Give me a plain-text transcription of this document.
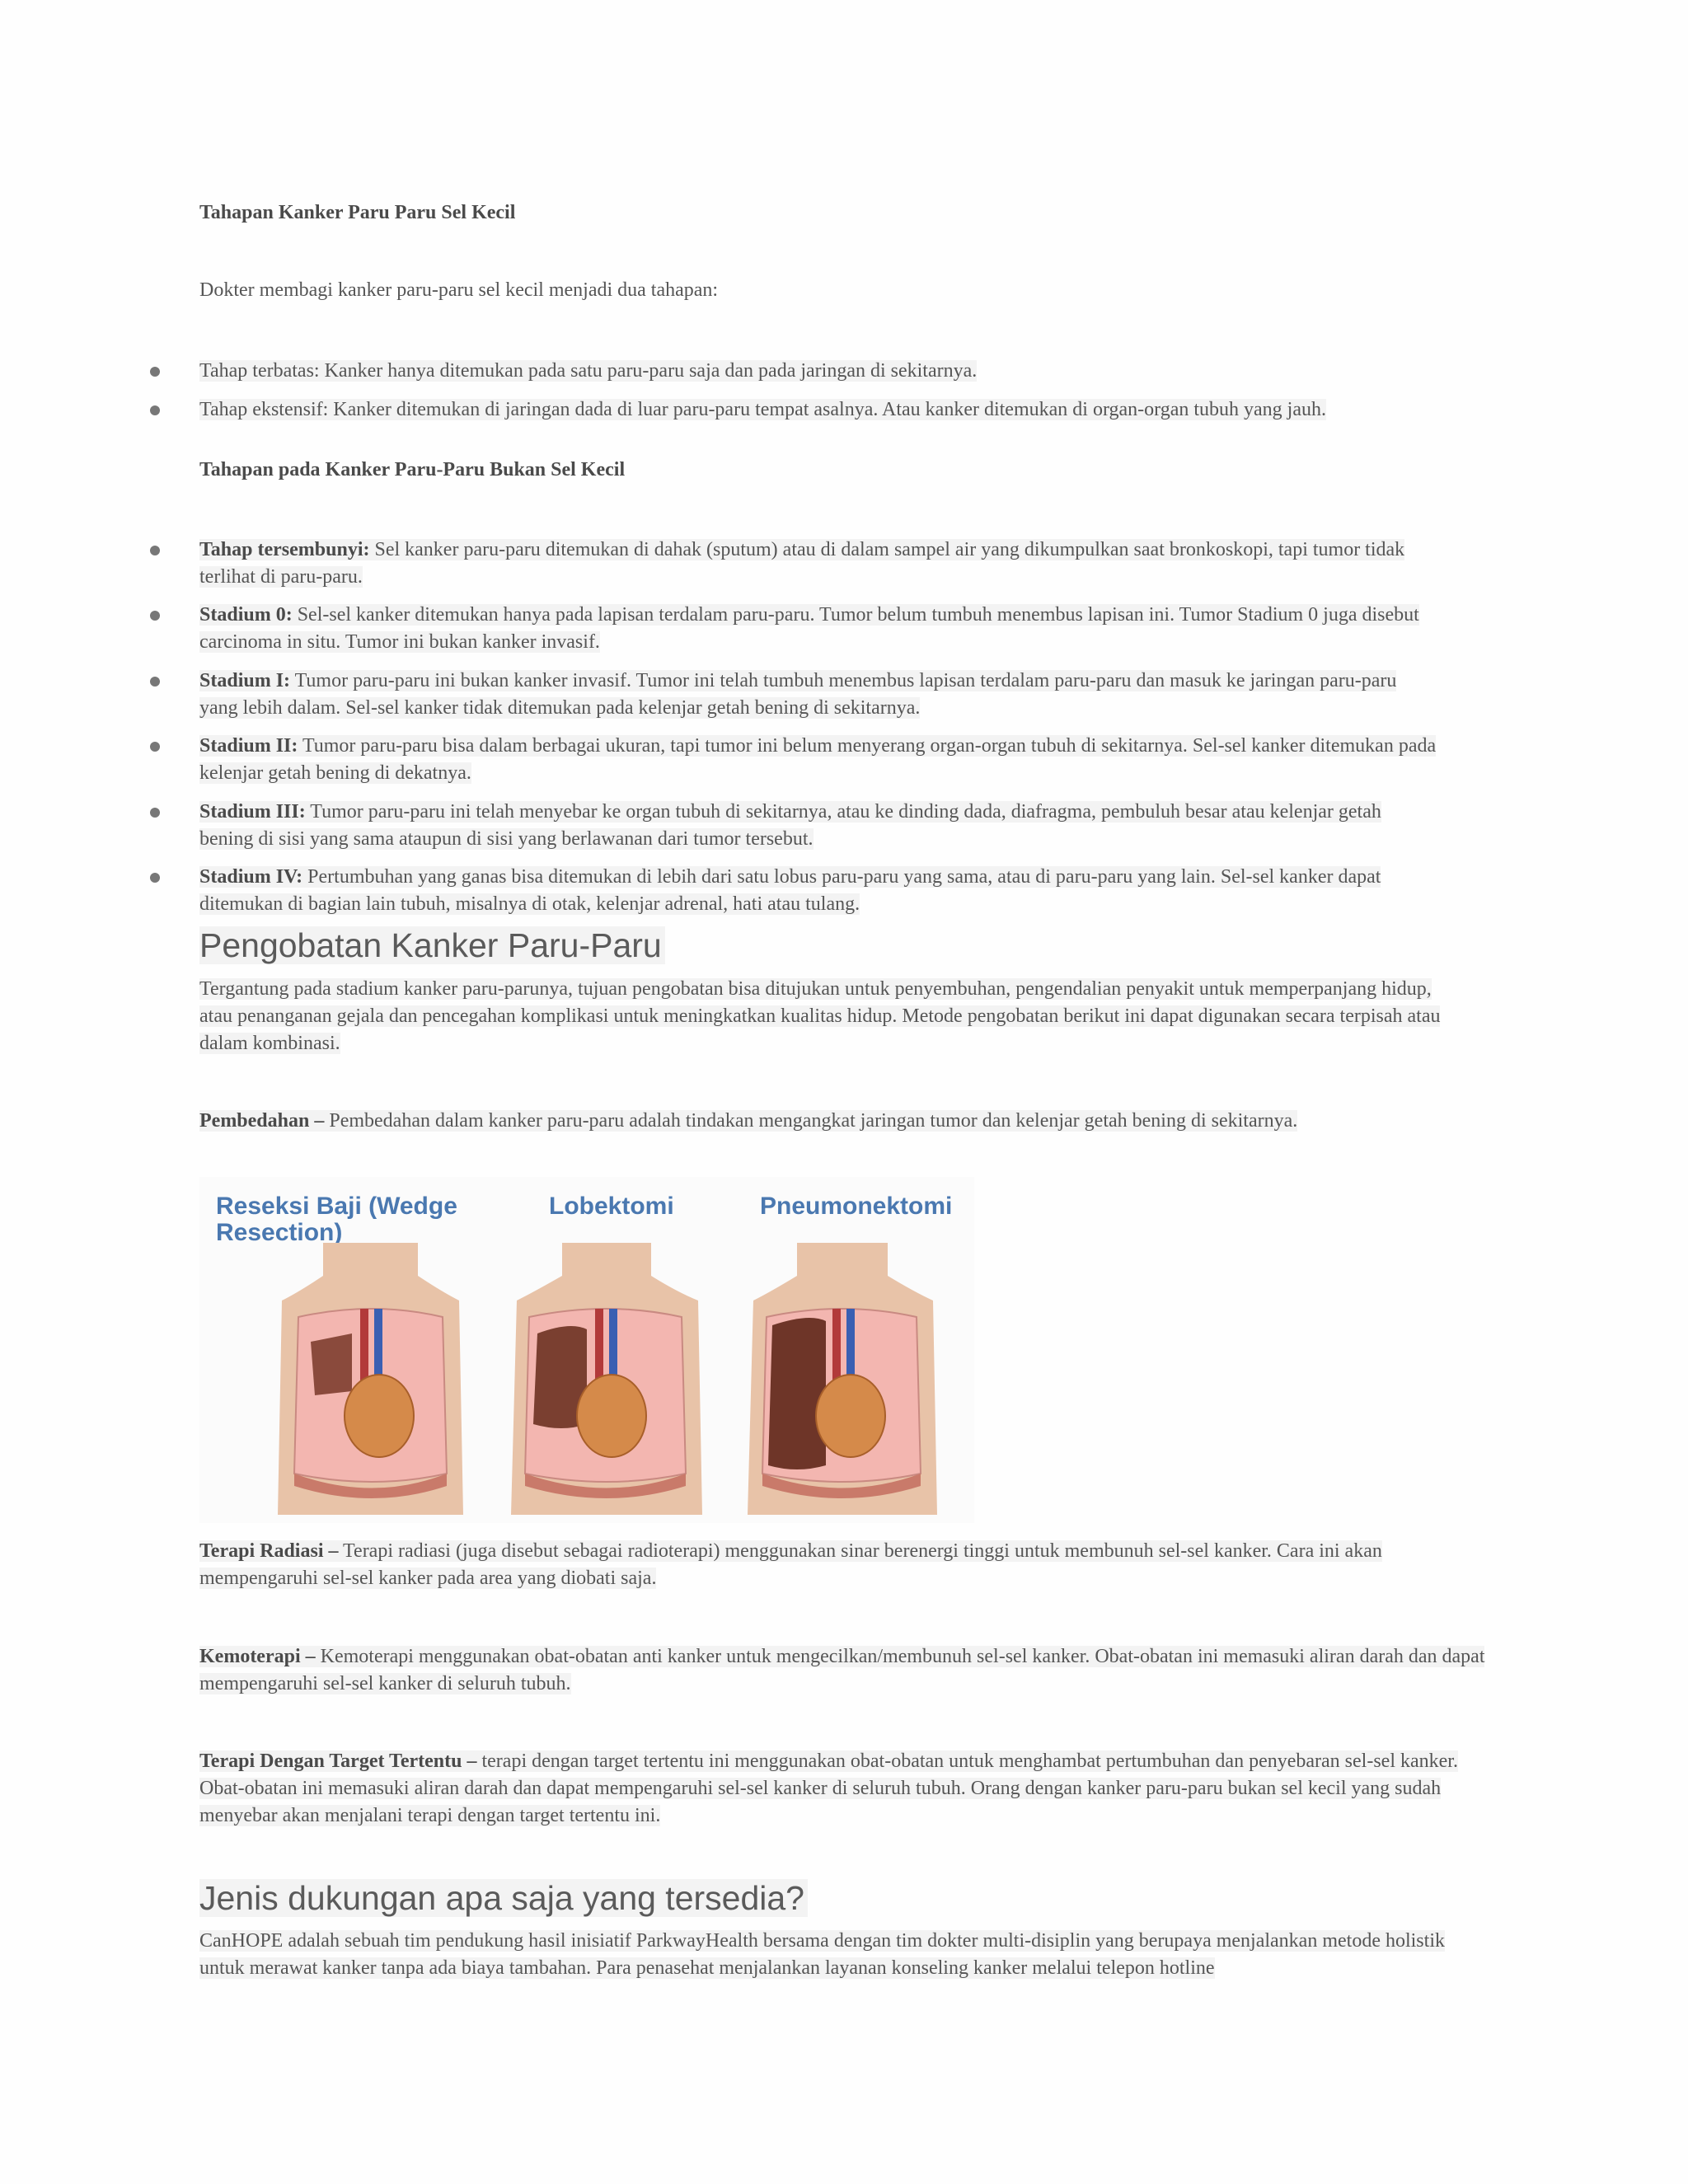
Tahapan Kanker Paru Paru Sel Kecil
Dokter membagi kanker paru-paru sel kecil menjadi dua tahapan:
Tahap terbatas: Kanker hanya ditemukan pada satu paru-paru saja dan pada jaringan di sekitarnya.
Tahap ekstensif: Kanker ditemukan di jaringan dada di luar paru-paru tempat asalnya. Atau kanker ditemukan di organ-organ tubuh yang jauh.
Tahapan pada Kanker Paru-Paru Bukan Sel Kecil
Tahap tersembunyi: Sel kanker paru-paru ditemukan di dahak (sputum) atau di dalam sampel air yang dikumpulkan saat bronkoskopi, tapi tumor tidak terlihat di paru-paru.
Stadium 0: Sel-sel kanker ditemukan hanya pada lapisan terdalam paru-paru. Tumor belum tumbuh menembus lapisan ini. Tumor Stadium 0 juga disebut carcinoma in situ. Tumor ini bukan kanker invasif.
Stadium I: Tumor paru-paru ini bukan kanker invasif. Tumor ini telah tumbuh menembus lapisan terdalam paru-paru dan masuk ke jaringan paru-paru yang lebih dalam. Sel-sel kanker tidak ditemukan pada kelenjar getah bening di sekitarnya.
Stadium II: Tumor paru-paru bisa dalam berbagai ukuran, tapi tumor ini belum menyerang organ-organ tubuh di sekitarnya. Sel-sel kanker ditemukan pada kelenjar getah bening di dekatnya.
Stadium III: Tumor paru-paru ini telah menyebar ke organ tubuh di sekitarnya, atau ke dinding dada, diafragma, pembuluh besar atau kelenjar getah bening di sisi yang sama ataupun di sisi yang berlawanan dari tumor tersebut.
Stadium IV: Pertumbuhan yang ganas bisa ditemukan di lebih dari satu lobus paru-paru yang sama, atau di paru-paru yang lain. Sel-sel kanker dapat ditemukan di bagian lain tubuh, misalnya di otak, kelenjar adrenal, hati atau tulang.
Pengobatan Kanker Paru-Paru
Tergantung pada stadium kanker paru-parunya, tujuan pengobatan bisa ditujukan untuk penyembuhan, pengendalian penyakit untuk memperpanjang hidup, atau penanganan gejala dan pencegahan komplikasi untuk meningkatkan kualitas hidup. Metode pengobatan berikut ini dapat digunakan secara terpisah atau dalam kombinasi.
Pembedahan – Pembedahan dalam kanker paru-paru adalah tindakan mengangkat jaringan tumor dan kelenjar getah bening di sekitarnya.
Reseksi Baji (Wedge Resection)
Lobektomi	Pneumonektomi
Terapi Radiasi – Terapi radiasi (juga disebut sebagai radioterapi) menggunakan sinar berenergi tinggi untuk membunuh sel-sel kanker. Cara ini akan mempengaruhi sel-sel kanker pada area yang diobati saja.
Kemoterapi – Kemoterapi menggunakan obat-obatan anti kanker untuk mengecilkan/membunuh sel-sel kanker. Obat-obatan ini memasuki aliran darah dan dapat mempengaruhi sel-sel kanker di seluruh tubuh.
Terapi Dengan Target Tertentu – terapi dengan target tertentu ini menggunakan obat-obatan untuk menghambat pertumbuhan dan penyebaran sel-sel kanker. Obat-obatan ini memasuki aliran darah dan dapat mempengaruhi sel-sel kanker di seluruh tubuh. Orang dengan kanker paru-paru bukan sel kecil yang sudah menyebar akan menjalani terapi dengan target tertentu ini.
Jenis dukungan apa saja yang tersedia?
CanHOPE adalah sebuah tim pendukung hasil inisiatif ParkwayHealth bersama dengan tim dokter multi-disiplin yang berupaya menjalankan metode holistik untuk merawat kanker tanpa ada biaya tambahan. Para penasehat menjalankan layanan konseling kanker melalui telepon hotline
